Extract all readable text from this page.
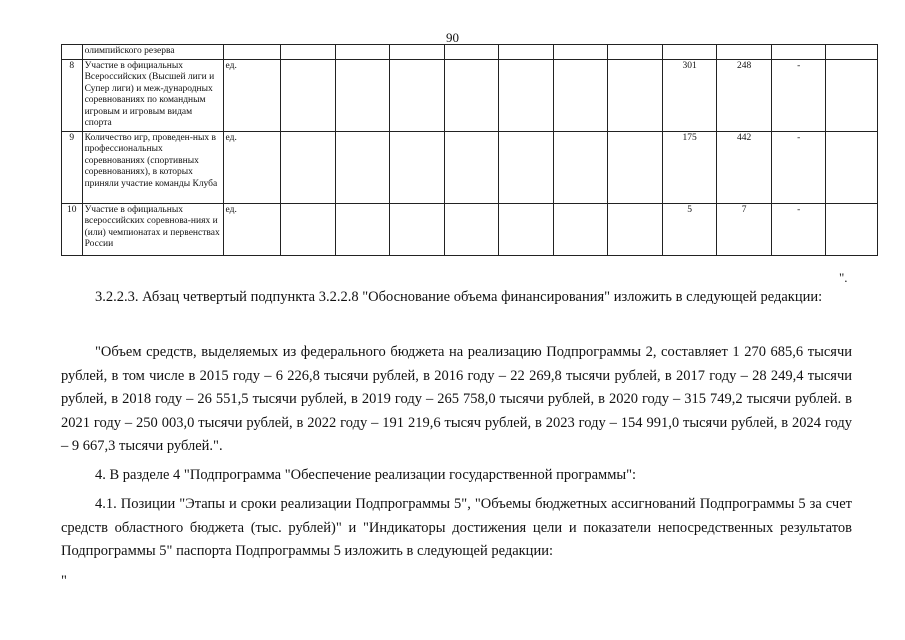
90
	олимпийского резерва												
8	Участие в официальных Всероссийских (Высшей лиги и Супер лиги) и меж-дународных соревнованиях по командным игровым и игровым видам спорта	ед.								301	248	-	
9	Количество игр, проведен-ных в профессиональных соревнованиях (спортивных соревнованиях), в которых приняли участие команды Клуба	ед.								175	442	-	
10	Участие в официальных всероссийских соревнова-ниях и (или) чемпионатах и первенствах России	ед.								5	7	-	
".

3.2.2.3. Абзац четвертый подпункта 3.2.2.8 "Обоснование объема финансирования" изложить в следующей редакции:

"Объем средств, выделяемых из федерального бюджета на реализацию Подпрограммы 2, составляет 1 270 685,6 тысячи рублей, в том числе в 2015 году – 6 226,8 тысячи рублей, в 2016 году – 22 269,8 тысячи рублей, в 2017 году – 28 249,4 тысячи рублей, в 2018 году – 26 551,5 тысячи рублей, в 2019 году – 265 758,0 тысячи рублей, в 2020 году – 315 749,2 тысячи рублей. в 2021 году – 250 003,0 тысячи рублей, в 2022 году – 191 219,6 тысяч рублей, в 2023 году – 154 991,0 тысячи рублей, в 2024 году – 9 667,3 тысячи рублей.".

4. В разделе 4 "Подпрограмма "Обеспечение реализации государственной программы":

4.1. Позиции "Этапы и сроки реализации Подпрограммы 5", "Объемы бюджетных ассигнований Подпрограммы 5 за счет средств областного бюджета (тыс. рублей)" и "Индикаторы достижения цели и показатели непосредственных результатов Подпрограммы 5" паспорта Подпрограммы 5 изложить в следующей редакции:

"
